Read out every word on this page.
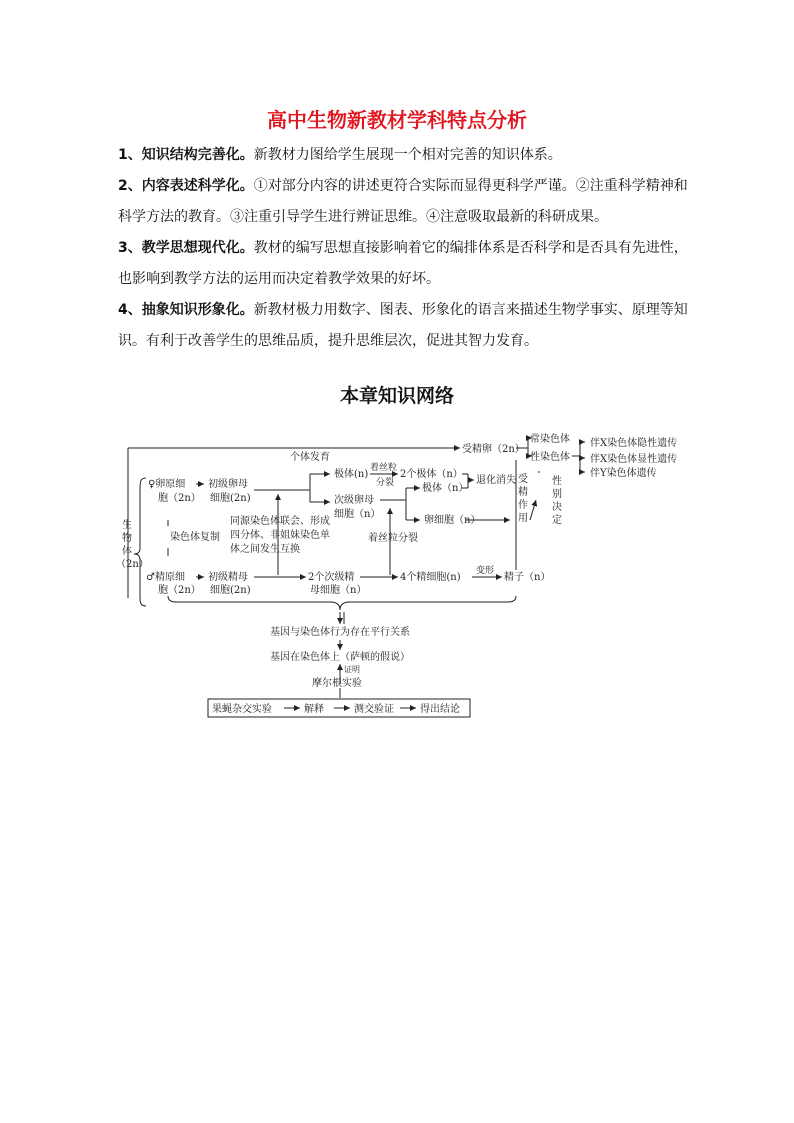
高中生物新教材学科特点分析
1、知识结构完善化。新教材力图给学生展现一个相对完善的知识体系。
2、内容表述科学化。①对部分内容的讲述更符合实际而显得更科学严谨。②注重科学精神和科学方法的教育。③注重引导学生进行辨证思维。④注意吸取最新的科研成果。
3、教学思想现代化。教材的编写思想直接影响着它的编排体系是否科学和是否具有先进性，也影响到教学方法的运用而决定着教学效果的好坏。
4、抽象知识形象化。新教材极力用数字、图表、形象化的语言来描述生物学事实、原理等知识。有利于改善学生的思维品质，提升思维层次，促进其智力发育。
本章知识网络
生
物
体
（2n）
个体发育
受精卵（2n）
常染色体
性染色体
伴X染色体隐性遗传
伴X染色体显性遗传
伴Y染色体遗传
♀卵原细
胞（2n）
初级卵母
细胞(2n)
极体(n)
着丝粒
分裂
2个极体（n）
极体（n）
退化消失
次级卵母
细胞（n）
卵细胞（n）
受
精
作
用
性
别
决
定
染色体复制
同源染色体联会、形成
四分体、非姐妹染色单
体之间发生互换
着丝粒分裂
♂精原细
胞（2n）
初级精母
细胞(2n)
2个次级精
母细胞（n）
4个精细胞(n)
变形
精子（n）
基因与染色体行为存在平行关系
基因在染色体上（萨顿的假说）
证明
摩尔根实验
果蝇杂交实验	解释	测交验证	得出结论
